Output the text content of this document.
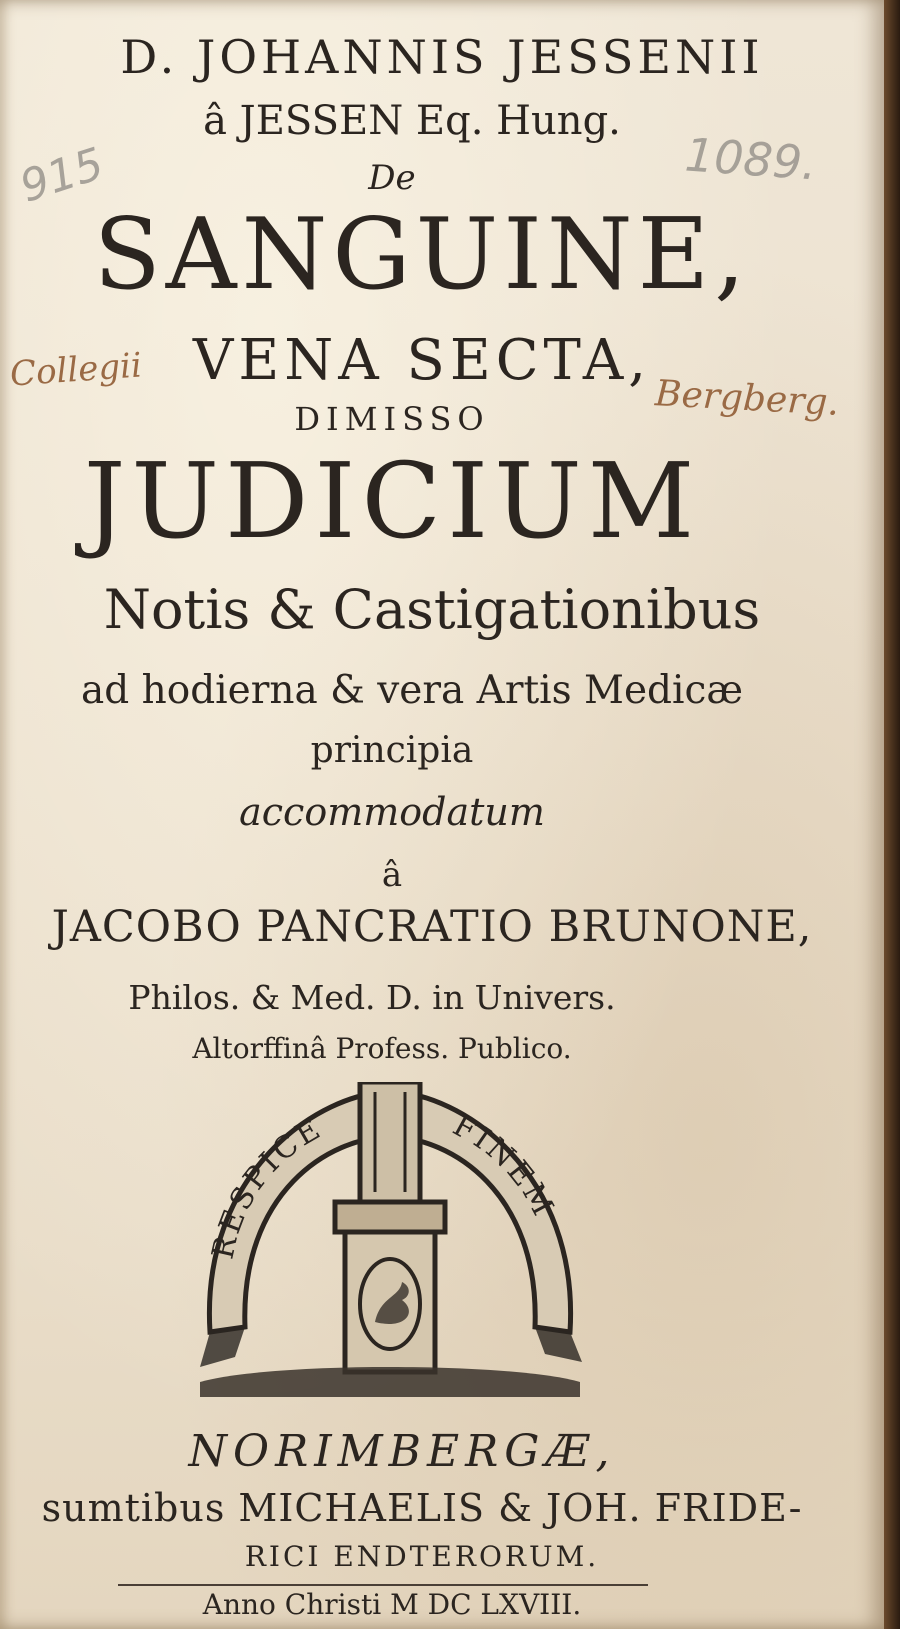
D. JOHANNIS JESSENII
â JESSEN Eq. Hung.
De
SANGUINE,
VENA SECTA,
DIMISSO
JUDICIUM
Notis & Castigationibus
ad hodierna & vera Artis Medicæ
principia
accommodatum
â
JACOBO PANCRATIO BRUNONE,
Philos. & Med. D. in Univers.
Altorffinâ Profess. Publico.
RESPICE	FINEM
NORIMBERGÆ,
sumtibus MICHAELIS & JOH. FRIDE-
RICI ENDTERORUM.
Anno Christi M DC LXVIII.
Collegii
Bergberg.
1089.
915
